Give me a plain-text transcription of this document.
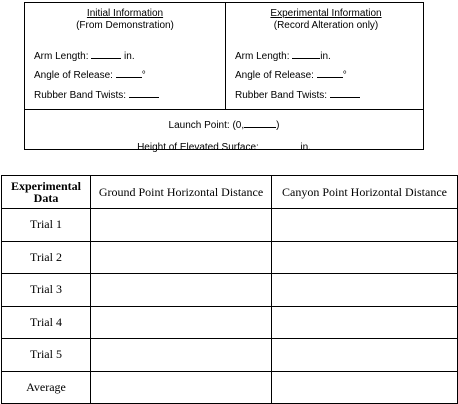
Initial Information
(From Demonstration)
Arm Length:	in.
Angle of Release:	°
Rubber Band Twists:
Experimental Information
(Record Alteration only)
Arm Length:	in.
Angle of Release:	°
Rubber Band Twists:
Launch Point: (0,	)
Height of Elevated Surface:	in.
Experimental
Data	Ground Point Horizontal Distance	Canyon Point Horizontal Distance
Trial 1		
Trial 2		
Trial 3		
Trial 4		
Trial 5		
Average		
